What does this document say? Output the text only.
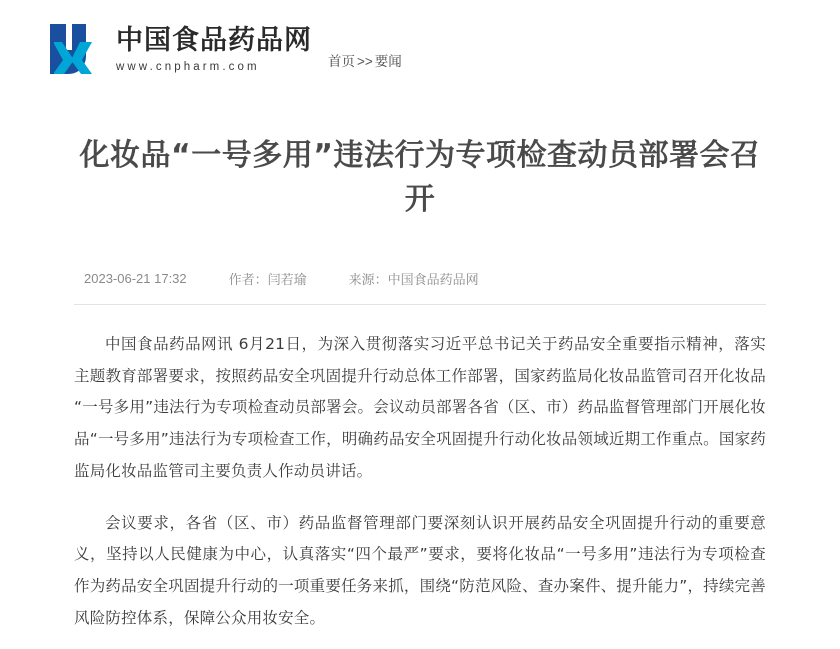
中国食品药品网
www.cnpharm.com	首页 >> 要闻
化妆品“一号多用”违法行为专项检查动员部署会召开
2023-06-21 17:32	作者：闫若瑜	来源：中国食品药品网

中国食品药品网讯 6月21日，为深入贯彻落实习近平总书记关于药品安全重要指示精神，落实主题教育部署要求，按照药品安全巩固提升行动总体工作部署，国家药监局化妆品监管司召开化妆品“一号多用”违法行为专项检查动员部署会。会议动员部署各省（区、市）药品监督管理部门开展化妆品“一号多用”违法行为专项检查工作，明确药品安全巩固提升行动化妆品领域近期工作重点。国家药监局化妆品监管司主要负责人作动员讲话。

会议要求，各省（区、市）药品监督管理部门要深刻认识开展药品安全巩固提升行动的重要意义，坚持以人民健康为中心，认真落实“四个最严”要求，要将化妆品“一号多用”违法行为专项检查作为药品安全巩固提升行动的一项重要任务来抓，围绕“防范风险、查办案件、提升能力”，持续完善风险防控体系，保障公众用妆安全。
